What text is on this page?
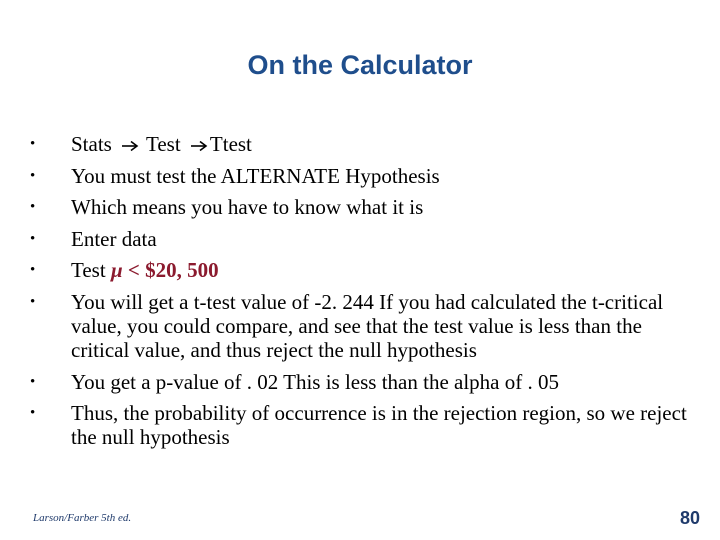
On the Calculator
• Stats
Test
Ttest
• You must test the ALTERNATE Hypothesis
• Which means you have to know what it is
• Enter data
• Test μ < $20, 500
• You will get a t-test value of -2. 244 If you had calculated the t-critical value, you could compare, and see that the test value is less than the critical value, and thus reject the null hypothesis
• You get a p-value of . 02 This is less than the alpha of . 05
• Thus, the probability of occurrence is in the rejection region, so we reject the null hypothesis
Larson/Farber 5th ed.	80
